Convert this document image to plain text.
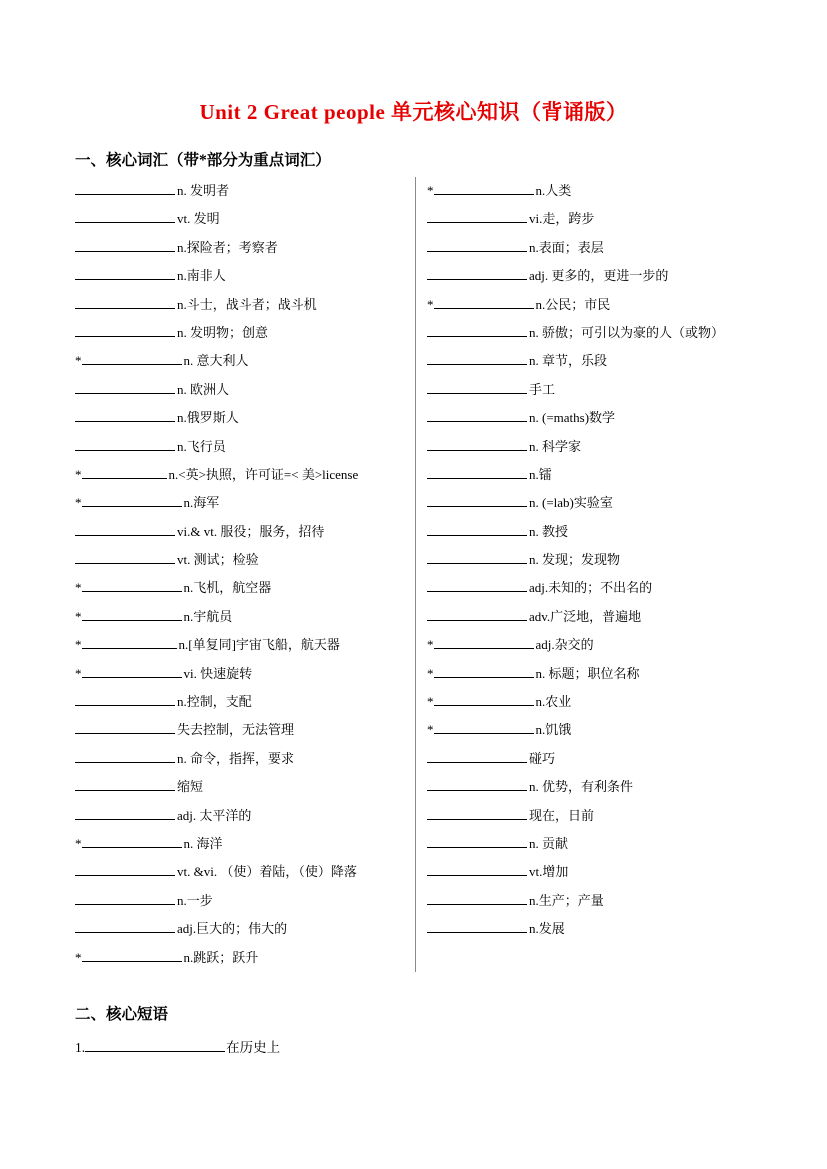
Unit 2 Great people 单元核心知识（背诵版）
一、核心词汇（带*部分为重点词汇）
n. 发明者
vt. 发明
n.探险者；考察者
n.南非人
n.斗士，战斗者；战斗机
n. 发明物；创意
*	n. 意大利人
n. 欧洲人
n.俄罗斯人
n.飞行员
*	n.<英>执照，许可证=< 美>license
*	n.海军
vi.& vt. 服役；服务，招待
vt. 测试；检验
*	n.飞机，航空器
*	n.宇航员
*	n.[单复同]宇宙飞船，航天器
*	vi. 快速旋转
n.控制，支配
失去控制，无法管理
n. 命令，指挥，要求
缩短
adj. 太平洋的
*	n. 海洋
vt. &vi. （使）着陆，（使）降落
n.一步
adj.巨大的；伟大的
*	n.跳跃；跃升
*	n.人类
vi.走，跨步
n.表面；表层
adj. 更多的，更进一步的
*	n.公民；市民
n. 骄傲；可引以为豪的人（或物）
n. 章节，乐段
手工
n. (=maths)数学
n. 科学家
n.镭
n. (=lab)实验室
n. 教授
n. 发现；发现物
adj.未知的；不出名的
adv.广泛地，普遍地
*	adj.杂交的
*	n. 标题；职位名称
*	n.农业
*	n.饥饿
碰巧
n. 优势，有利条件
现在，日前
n. 贡献
vt.增加
n.生产；产量
n.发展
二、核心短语
1.	在历史上
